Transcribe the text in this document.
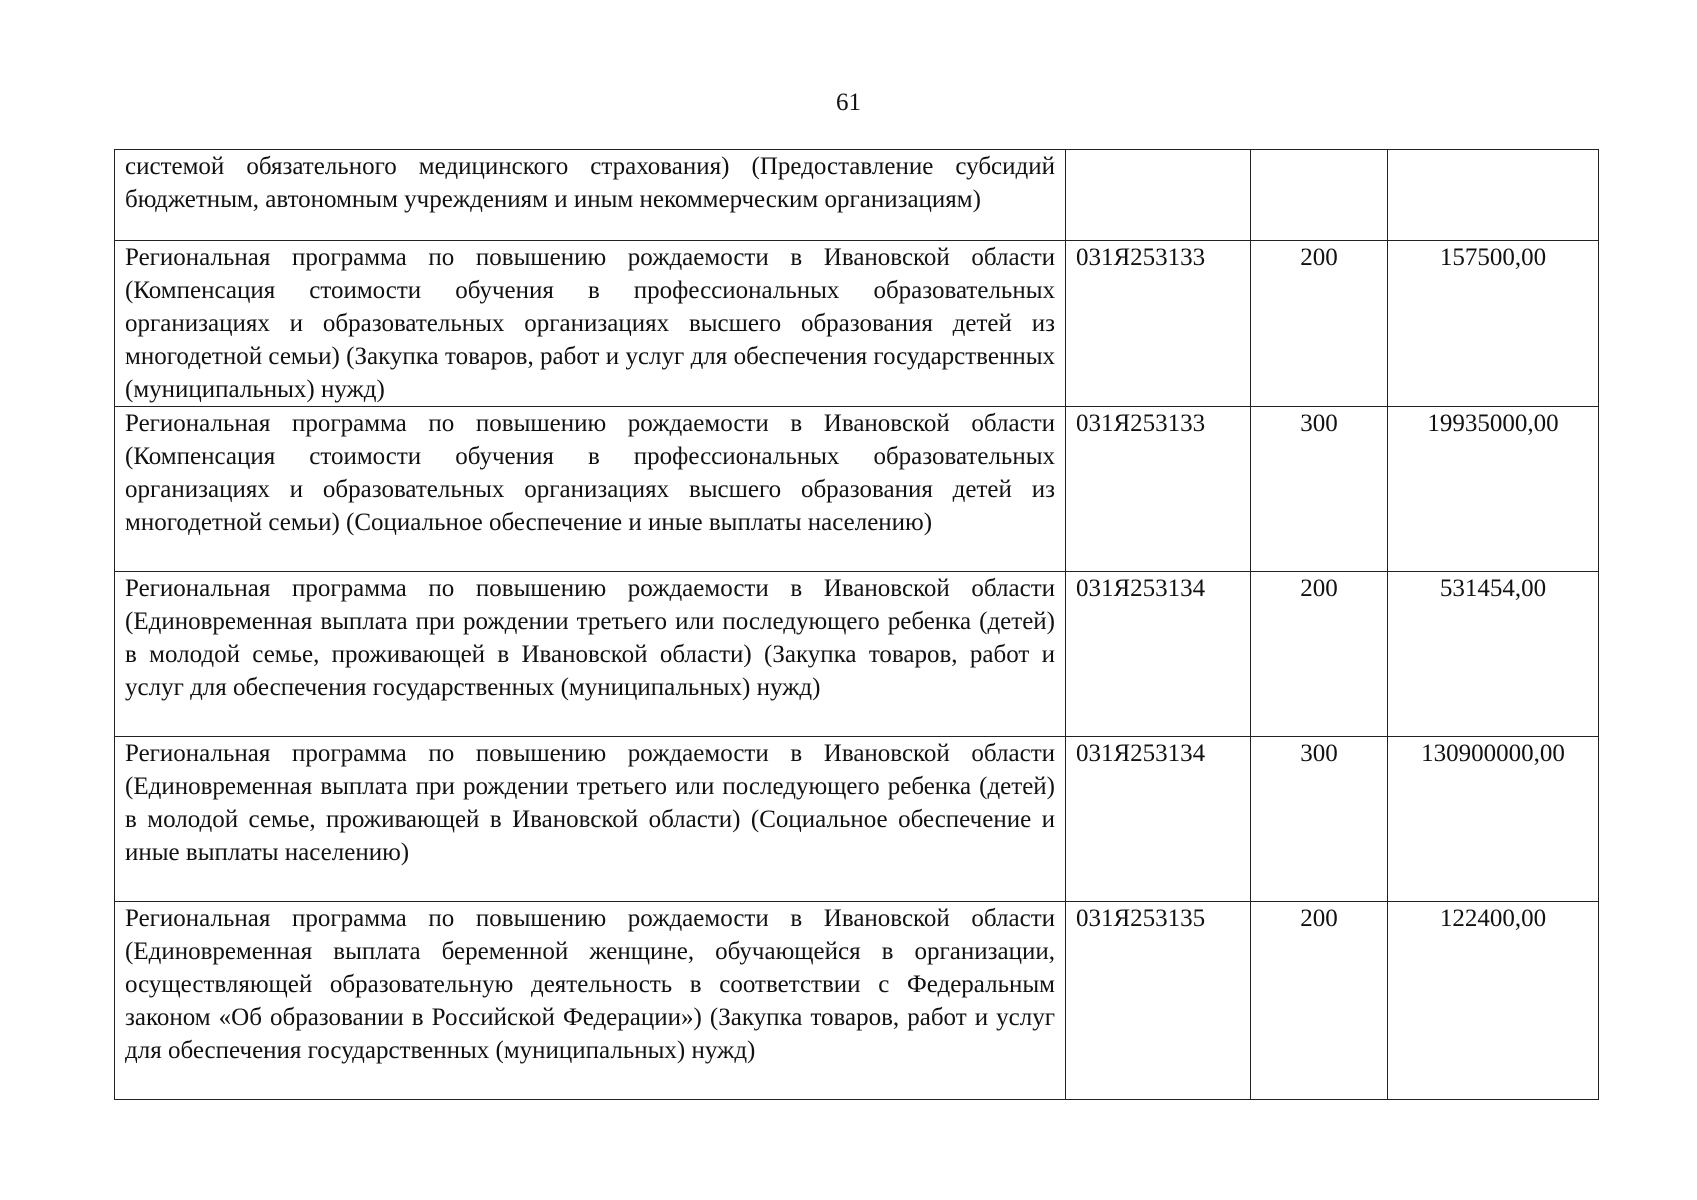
61
системой обязательного медицинского страхования) (Предоставление субсидий бюджетным, автономным учреждениям и иным некоммерческим организациям)			
Региональная программа по повышению рождаемости в Ивановской области (Компенсация стоимости обучения в профессиональных образовательных организациях и образовательных организациях высшего образования детей из многодетной семьи) (Закупка товаров, работ и услуг для обеспечения государственных (муниципальных) нужд)	031Я253133	200	157500,00
Региональная программа по повышению рождаемости в Ивановской области (Компенсация стоимости обучения в профессиональных образовательных организациях и образовательных организациях высшего образования детей из многодетной семьи) (Социальное обеспечение и иные выплаты населению)	031Я253133	300	19935000,00
Региональная программа по повышению рождаемости в Ивановской области (Единовременная выплата при рождении третьего или последующего ребенка (детей) в молодой семье, проживающей в Ивановской области) (Закупка товаров, работ и услуг для обеспечения государственных (муниципальных) нужд)	031Я253134	200	531454,00
Региональная программа по повышению рождаемости в Ивановской области (Единовременная выплата при рождении третьего или последующего ребенка (детей) в молодой семье, проживающей в Ивановской области) (Социальное обеспечение и иные выплаты населению)	031Я253134	300	130900000,00
Региональная программа по повышению рождаемости в Ивановской области (Единовременная выплата беременной женщине, обучающейся в организации, осуществляющей образовательную деятельность в соответствии с Федеральным законом «Об образовании в Российской Федерации») (Закупка товаров, работ и услуг для обеспечения государственных (муниципальных) нужд)	031Я253135	200	122400,00
